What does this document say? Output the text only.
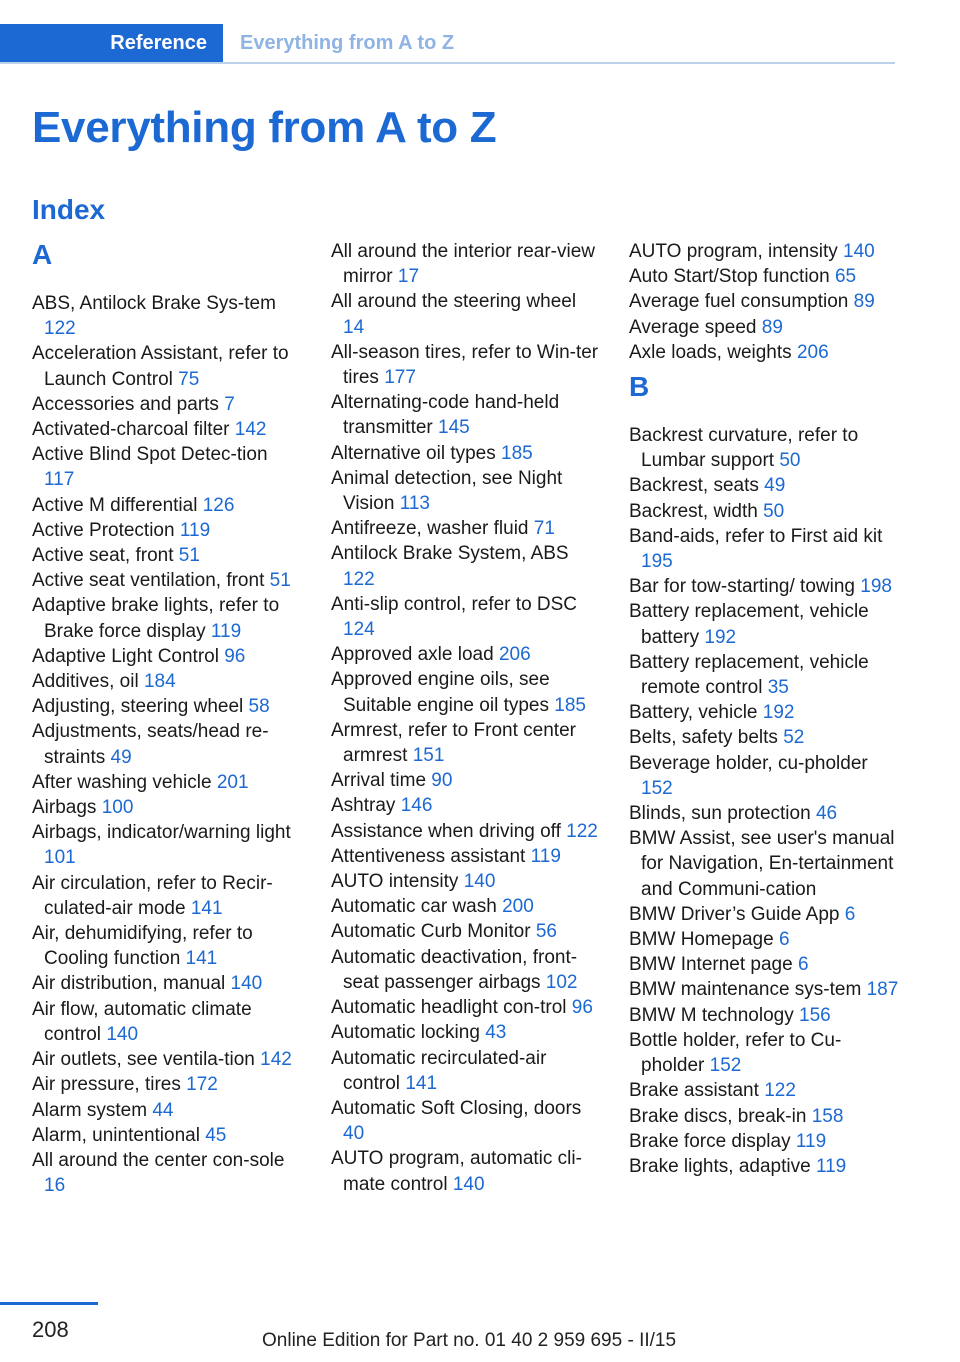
Reference	Everything from A to Z
Everything from A to Z
Index
A
ABS, Antilock Brake Sys‐tem 122
Acceleration Assistant, refer to Launch Control 75
Accessories and parts 7
Activated-charcoal filter 142
Active Blind Spot Detec‐tion 117
Active M differential 126
Active Protection 119
Active seat, front 51
Active seat ventilation, front 51
Adaptive brake lights, refer to Brake force display 119
Adaptive Light Control 96
Additives, oil 184
Adjusting, steering wheel 58
Adjustments, seats/head re‐straints 49
After washing vehicle 201
Airbags 100
Airbags, indicator/warning light 101
Air circulation, refer to Recir‐culated-air mode 141
Air, dehumidifying, refer to Cooling function 141
Air distribution, manual 140
Air flow, automatic climate control 140
Air outlets, see ventila‐tion 142
Air pressure, tires 172
Alarm system 44
Alarm, unintentional 45
All around the center con‐sole 16
All around the interior rear‐view mirror 17
All around the steering wheel 14
All-season tires, refer to Win‐ter tires 177
Alternating-code hand-held transmitter 145
Alternative oil types 185
Animal detection, see Night Vision 113
Antifreeze, washer fluid 71
Antilock Brake System, ABS 122
Anti-slip control, refer to DSC 124
Approved axle load 206
Approved engine oils, see Suitable engine oil types 185
Armrest, refer to Front center armrest 151
Arrival time 90
Ashtray 146
Assistance when driving off 122
Attentiveness assistant 119
AUTO intensity 140
Automatic car wash 200
Automatic Curb Monitor 56
Automatic deactivation, front-seat passenger airbags 102
Automatic headlight con‐trol 96
Automatic locking 43
Automatic recirculated-air control 141
Automatic Soft Closing, doors 40
AUTO program, automatic cli‐mate control 140
AUTO program, intensity 140
Auto Start/Stop function 65
Average fuel consumption 89
Average speed 89
Axle loads, weights 206
B
Backrest curvature, refer to Lumbar support 50
Backrest, seats 49
Backrest, width 50
Band-aids, refer to First aid kit 195
Bar for tow-starting/ towing 198
Battery replacement, vehicle battery 192
Battery replacement, vehicle remote control 35
Battery, vehicle 192
Belts, safety belts 52
Beverage holder, cu‐pholder 152
Blinds, sun protection 46
BMW Assist, see user's manual for Navigation, En‐tertainment and Communi‐cation
BMW Driver’s Guide App 6
BMW Homepage 6
BMW Internet page 6
BMW maintenance sys‐tem 187
BMW M technology 156
Bottle holder, refer to Cu‐pholder 152
Brake assistant 122
Brake discs, break-in 158
Brake force display 119
Brake lights, adaptive 119
208	Online Edition for Part no. 01 40 2 959 695 - II/15
